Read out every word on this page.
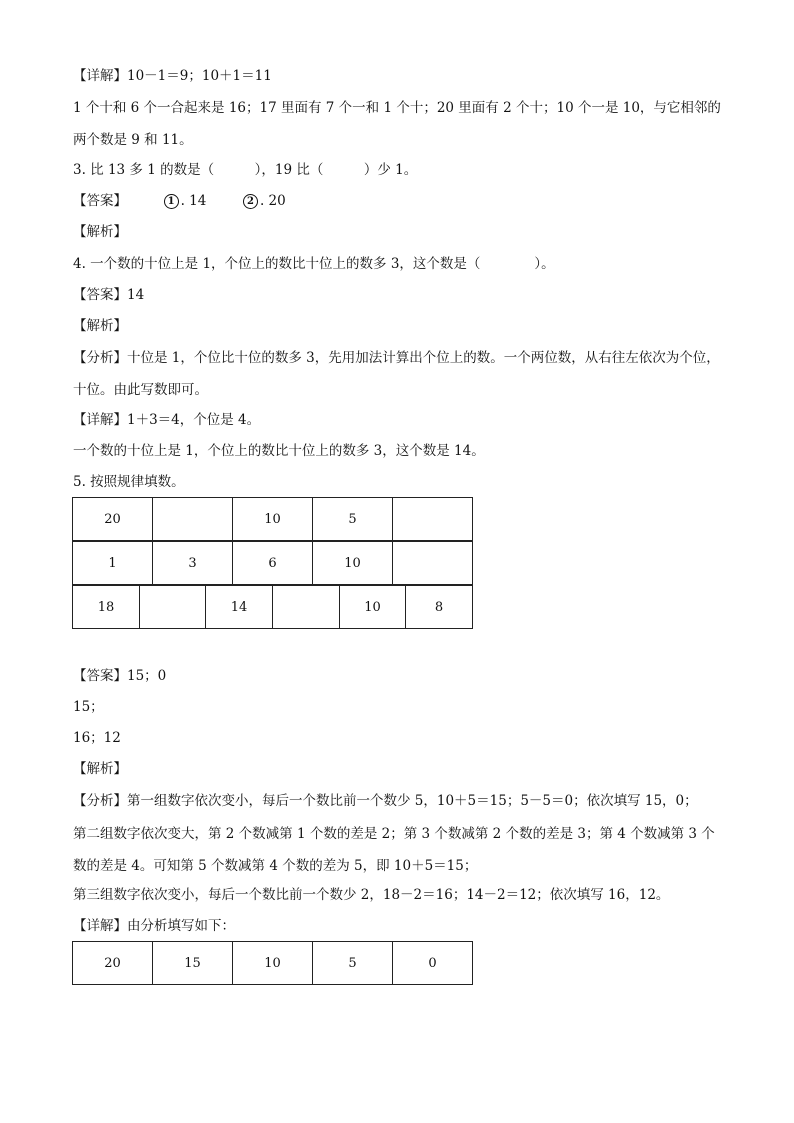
【详解】10－1＝9；10＋1＝11
1 个十和 6 个一合起来是 16；17 里面有 7 个一和 1 个十；20 里面有 2 个十；10 个一是 10，与它相邻的两个数是 9 和 11。
3. 比 13 多 1 的数是（　　　），19 比（　　　）少 1。
【答案】	1 . 14	2 . 20
【解析】
4. 一个数的十位上是 1，个位上的数比十位上的数多 3，这个数是（　　　　）。
【答案】14
【解析】
【分析】十位是 1，个位比十位的数多 3，先用加法计算出个位上的数。一个两位数，从右往左依次为个位，十位。由此写数即可。
【详解】1＋3＝4，个位是 4。
一个数的十位上是 1，个位上的数比十位上的数多 3，这个数是 14。
5. 按照规律填数。
20		10	5	
1	3	6	10	
18		14		10	8
【答案】15；0
15；
16；12
【解析】
【分析】第一组数字依次变小，每后一个数比前一个数少 5，10＋5＝15；5－5＝0；依次填写 15，0；
第二组数字依次变大，第 2 个数减第 1 个数的差是 2；第 3 个数减第 2 个数的差是 3；第 4 个数减第 3 个数的差是 4。可知第 5 个数减第 4 个数的差为 5，即 10＋5＝15；
第三组数字依次变小，每后一个数比前一个数少 2，18－2＝16；14－2＝12；依次填写 16，12。
【详解】由分析填写如下：
20	15	10	5	0
